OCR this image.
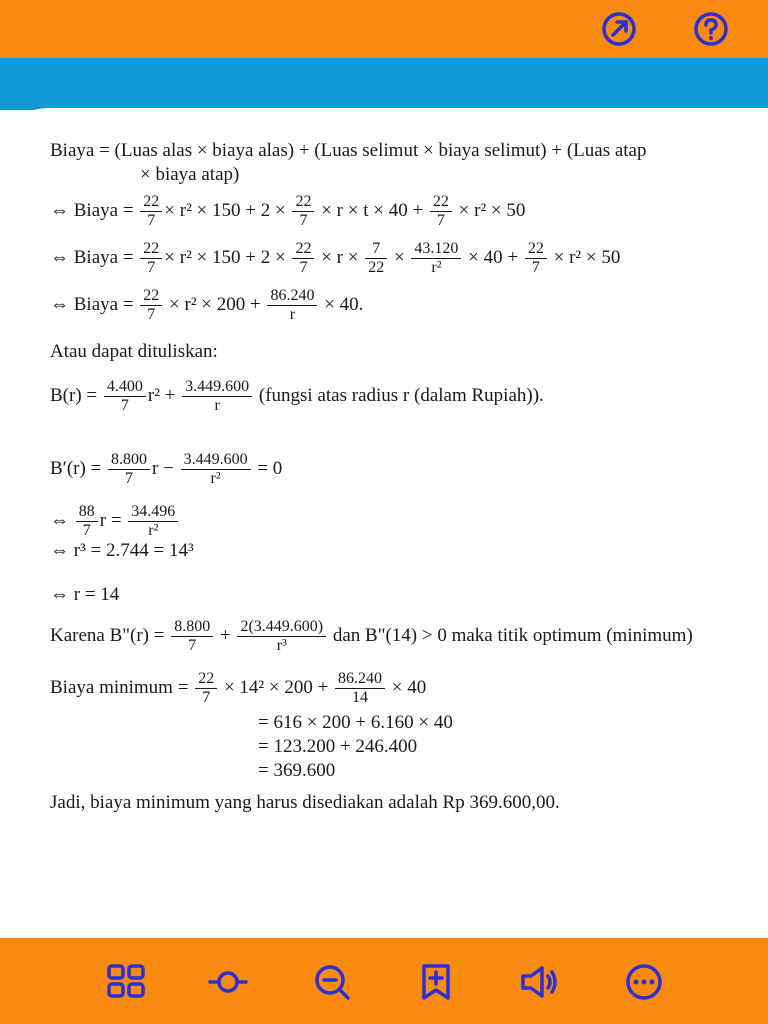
Biaya = (Luas alas × biaya alas) + (Luas selimut × biaya selimut) + (Luas atap
× biaya atap)
⇔ Biaya = $\frac{22}{7} \times r^2 \times 150 + 2 \times \frac{22}{7} \times r \times t \times 40 + \frac{22}{7} \times r^2 \times 50$
⇔ Biaya = $\frac{22}{7} \times r^2 \times 150 + 2 \times \frac{22}{7} \times r \times \frac{7}{22} \times \frac{43.120}{\text{r²}} \times 40 + \frac{22}{7} \times r^2 \times 50$
⇔ Biaya = $\frac{22}{7} \times r^2 \times 200 + \frac{86.240}{r} \times 40$.
Atau dapat dituliskan:
$B(r) = \frac{4.400}{7} r^2 + \frac{3.449.600}{r}$ (fungsi atas radius r (dalam Rupiah)).
$B'(r) = \frac{8.800}{7}$ $r - \frac{3.449.600}{\text{r²}} = 0$
⇔ $\frac{88}{7}$ $r = \frac{34.496}{\text{r²}}$
⇔ r³ = 2.744 = 14³
⇔ r = 14
Karena B"(r) = $\frac{8.800}{7} + \frac{2(3.449.600)}{\text{r³}}$ dan B"(14) > 0 maka titik optimum (minimum)
Biaya minimum = $\frac{22}{7} \times 14^2 \times 200 + \frac{86.240}{14} \times 40$
= 616 × 200 + 6.160 × 40
= 123.200 + 246.400
= 369.600
Jadi, biaya minimum yang harus disediakan adalah Rp 369.600,00.
